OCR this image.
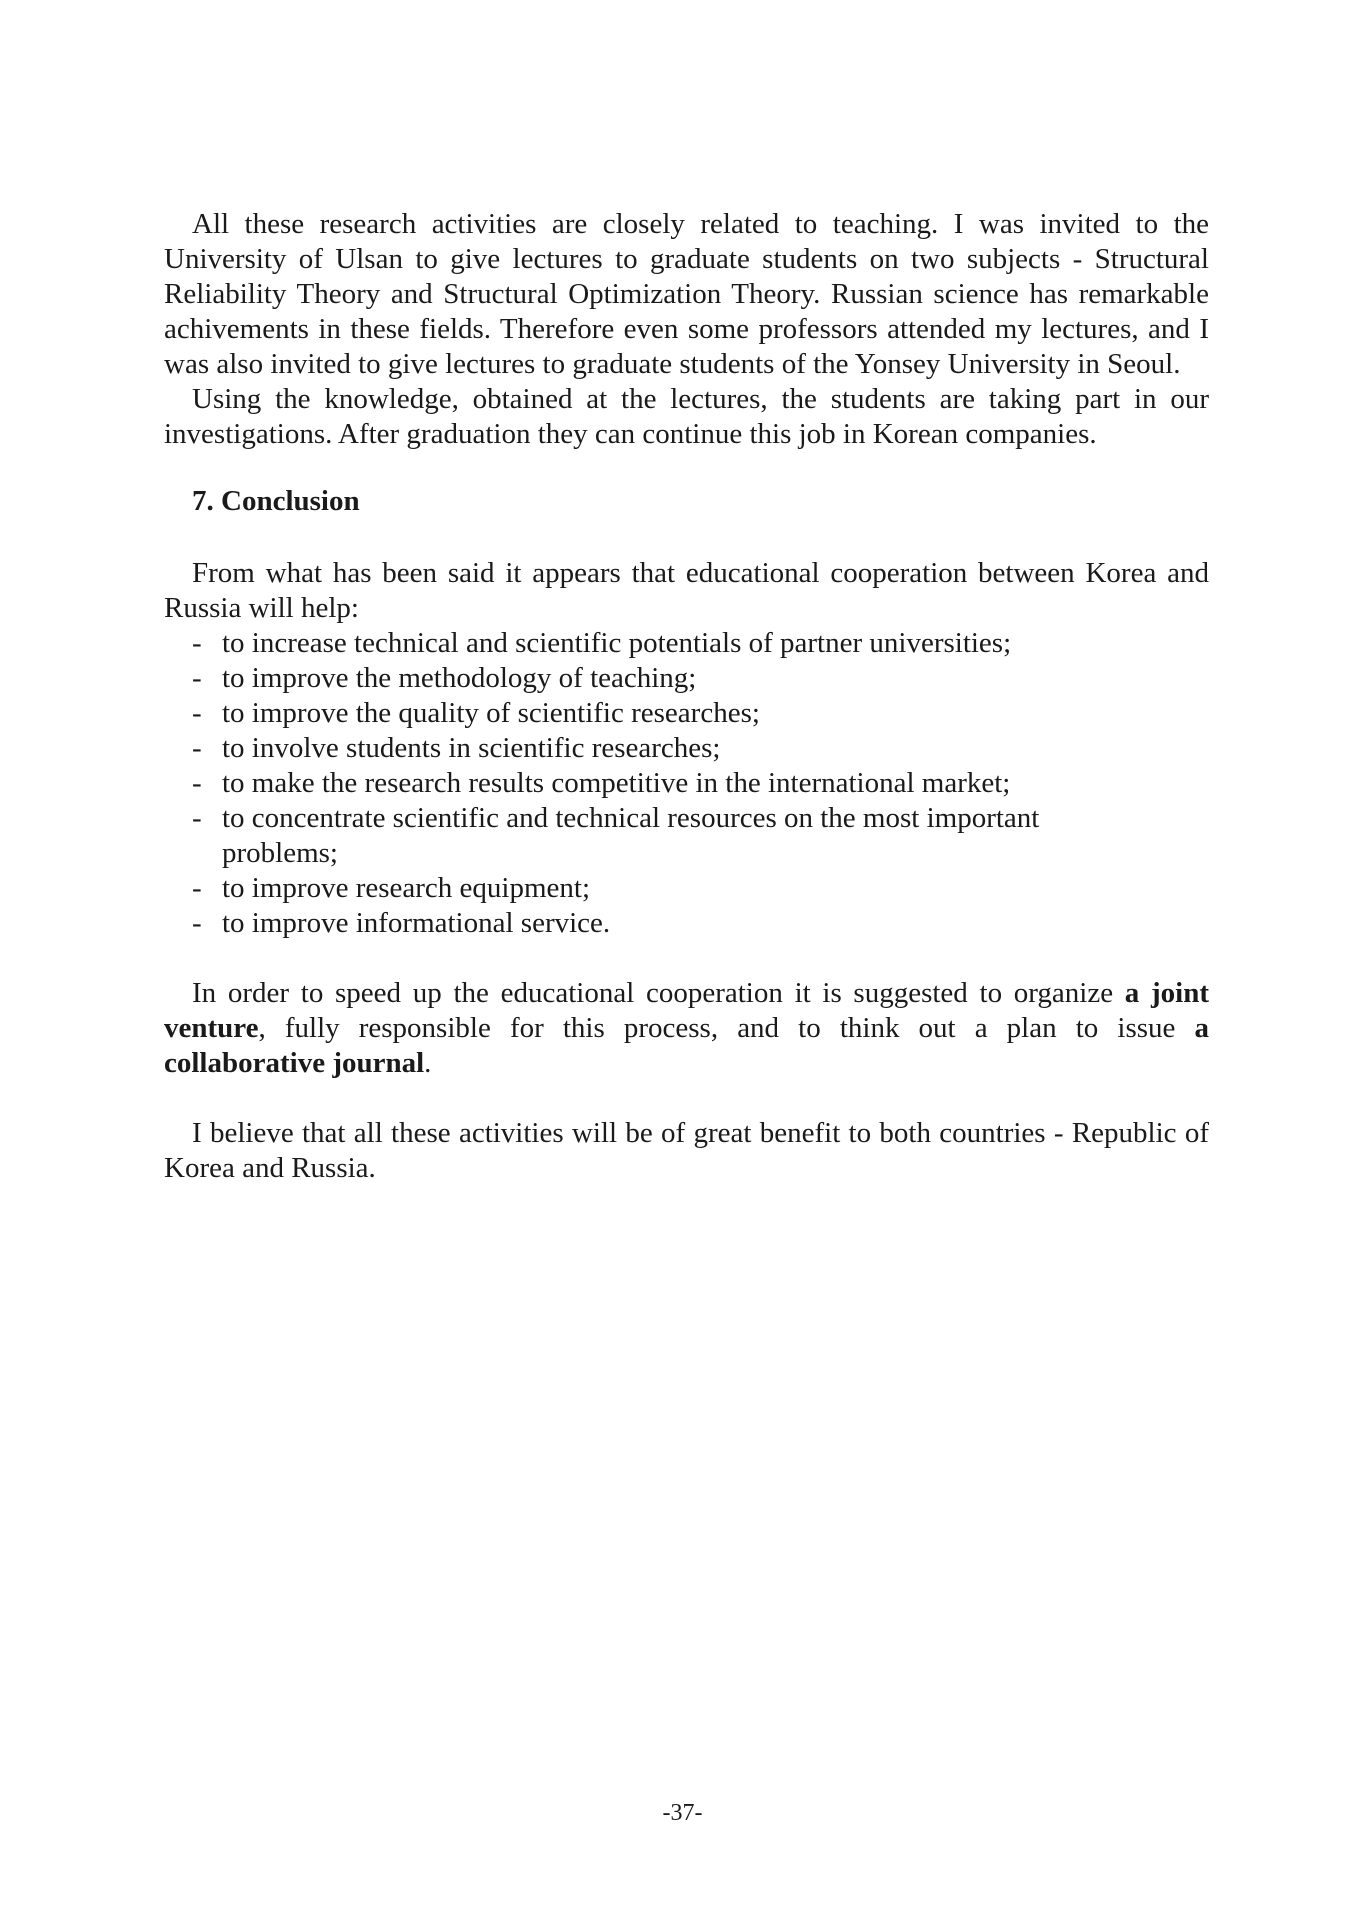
All these research activities are closely related to teaching. I was invited to the University of Ulsan to give lectures to graduate students on two subjects - Structural Reliability Theory and Structural Optimization Theory. Russian science has remarkable achivements in these fields. Therefore even some professors attended my lectures, and I was also invited to give lectures to graduate students of the Yonsey University in Seoul.

Using the knowledge, obtained at the lectures, the students are taking part in our investigations. After graduation they can continue this job in Korean companies.

7. Conclusion

From what has been said it appears that educational cooperation between Korea and Russia will help:

- to increase technical and scientific potentials of partner universities;
- to improve the methodology of teaching;
- to improve the quality of scientific researches;
- to involve students in scientific researches;
- to make the research results competitive in the international market;
- to concentrate scientific and technical resources on the most important problems;
- to improve research equipment;
- to improve informational service.

In order to speed up the educational cooperation it is suggested to organize a joint venture, fully responsible for this process, and to think out a plan to issue a collaborative journal.

I believe that all these activities will be of great benefit to both countries - Republic of Korea and Russia.

-37-
